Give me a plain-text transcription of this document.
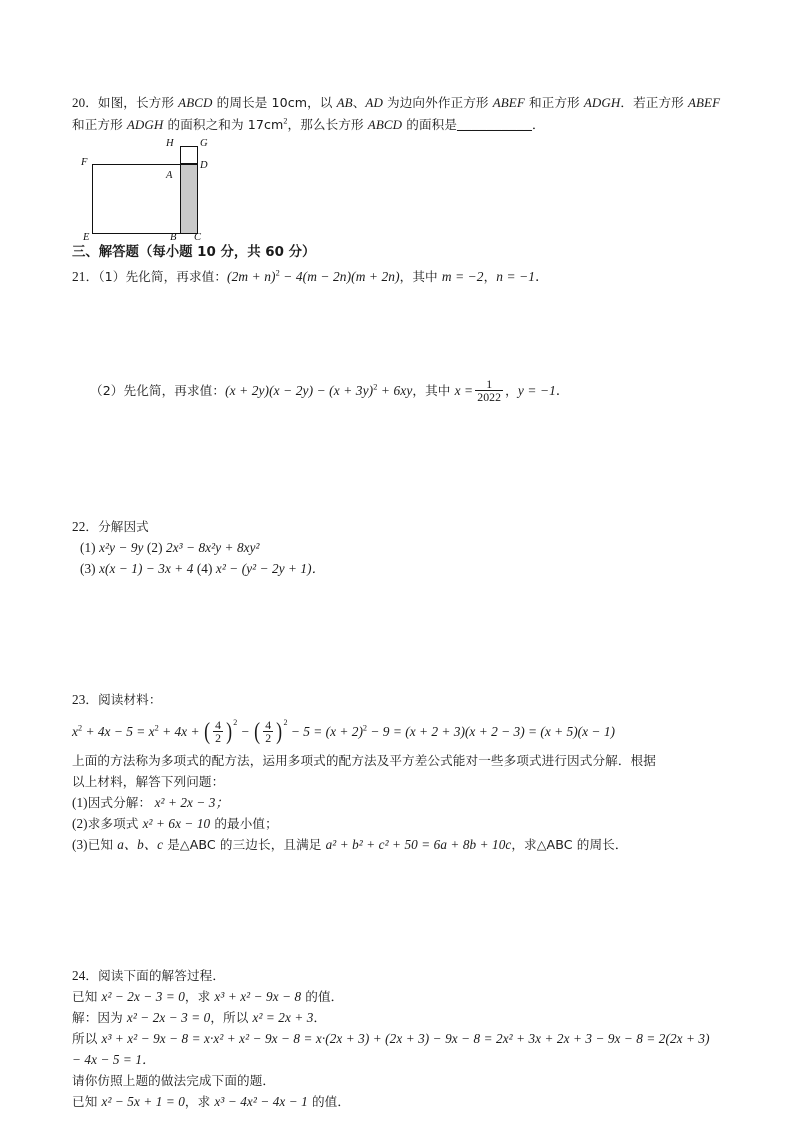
20．如图，长方形 ABCD 的周长是 10cm，以 AB、AD 为边向外作正方形 ABEF 和正方形 ADGH．若正方形 ABEF

和正方形 ADGH 的面积之和为 $17cm^2$，那么长方形 ABCD 的面积是__________．

H	G
F	D
A
E	B C

三、解答题（每小题 10 分，共 60 分）

21．（1）先化简，再求值：$(2m + n)^2 - 4(m - 2n)(m + 2n)$，其中 m = −2，n = −1．

（2）先化简，再求值：$(x + 2y)(x - 2y) - (x + 3y)^2 + 6xy$，其中 $x = \frac{1}{2022}$ ，y = −1．

22．分解因式

(1) x²y − 9y (2) 2x³ − 8x²y + 8xy²

(3) x(x − 1) − 3x + 4 (4) x² − (y² − 2y + 1)．

23．阅读材料：

$x^2 + 4x - 5 = x^2 + 4x$ + ( $\frac{4}{2} )^2$ − ( $\frac{4}{2} )^2 - 5 = (x + 2)^2 - 9 = (x + 2 + 3)(x + 2 - 3) = (x + 5)(x - 1)$

上面的方法称为多项式的配方法，运用多项式的配方法及平方差公式能对一些多项式进行因式分解．根据

以上材料，解答下列问题：

(1)因式分解： x² + 2x − 3；

(2)求多项式 x² + 6x − 10 的最小值；

(3)已知 a、b、c 是△ABC 的三边长，且满足 a² + b² + c² + 50 = 6a + 8b + 10c，求△ABC 的周长．

24．阅读下面的解答过程．

已知 x² − 2x − 3 = 0，求 x³ + x² − 9x − 8 的值．

解：因为 x² − 2x − 3 = 0，所以 x² = 2x + 3．

所以 x³ + x² − 9x − 8 = x·x² + x² − 9x − 8 = x·(2x + 3) + (2x + 3) − 9x − 8 = 2x² + 3x + 2x + 3 − 9x − 8 = 2(2x + 3)

− 4x − 5 = 1．

请你仿照上题的做法完成下面的题．

已知 x² − 5x + 1 = 0，求 x³ − 4x² − 4x − 1 的值．
